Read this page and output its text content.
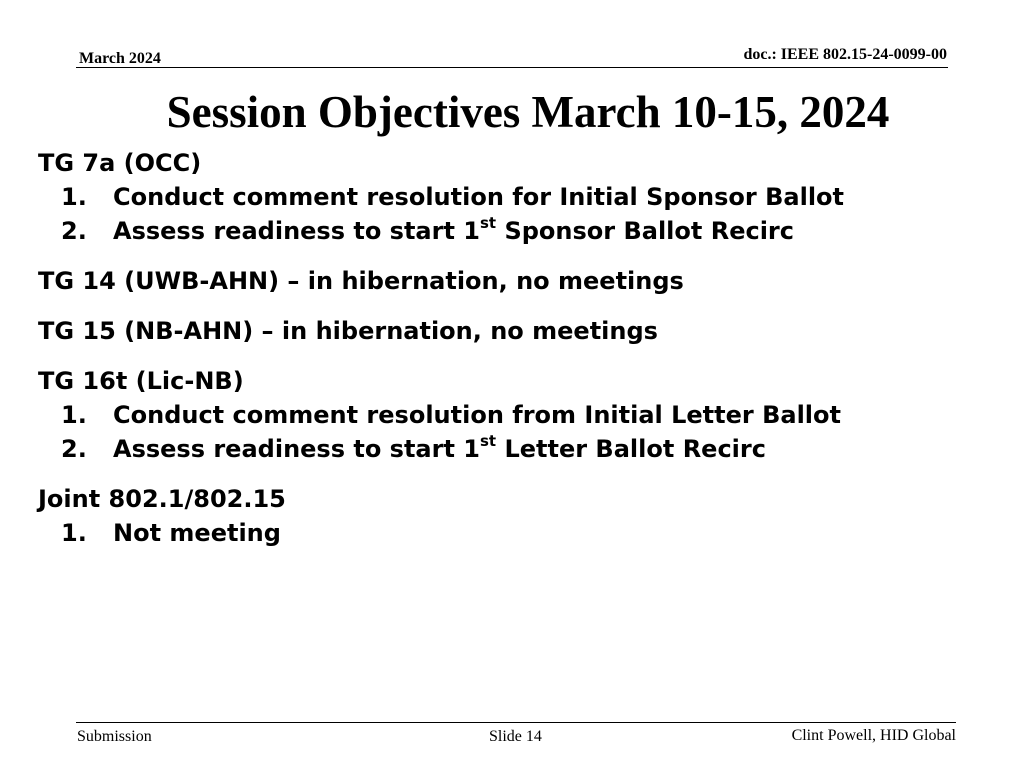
March 2024	doc.: IEEE 802.15-24-0099-00
Session Objectives March 10-15, 2024
TG 7a (OCC)
1. Conduct comment resolution for Initial Sponsor Ballot
2. Assess readiness to start 1st Sponsor Ballot Recirc
TG 14 (UWB-AHN) – in hibernation, no meetings
TG 15 (NB-AHN) – in hibernation, no meetings
TG 16t (Lic-NB)
1. Conduct comment resolution from Initial Letter Ballot
2. Assess readiness to start 1st Letter Ballot Recirc
Joint 802.1/802.15
1. Not meeting
Submission	Slide 14	Clint Powell, HID Global
